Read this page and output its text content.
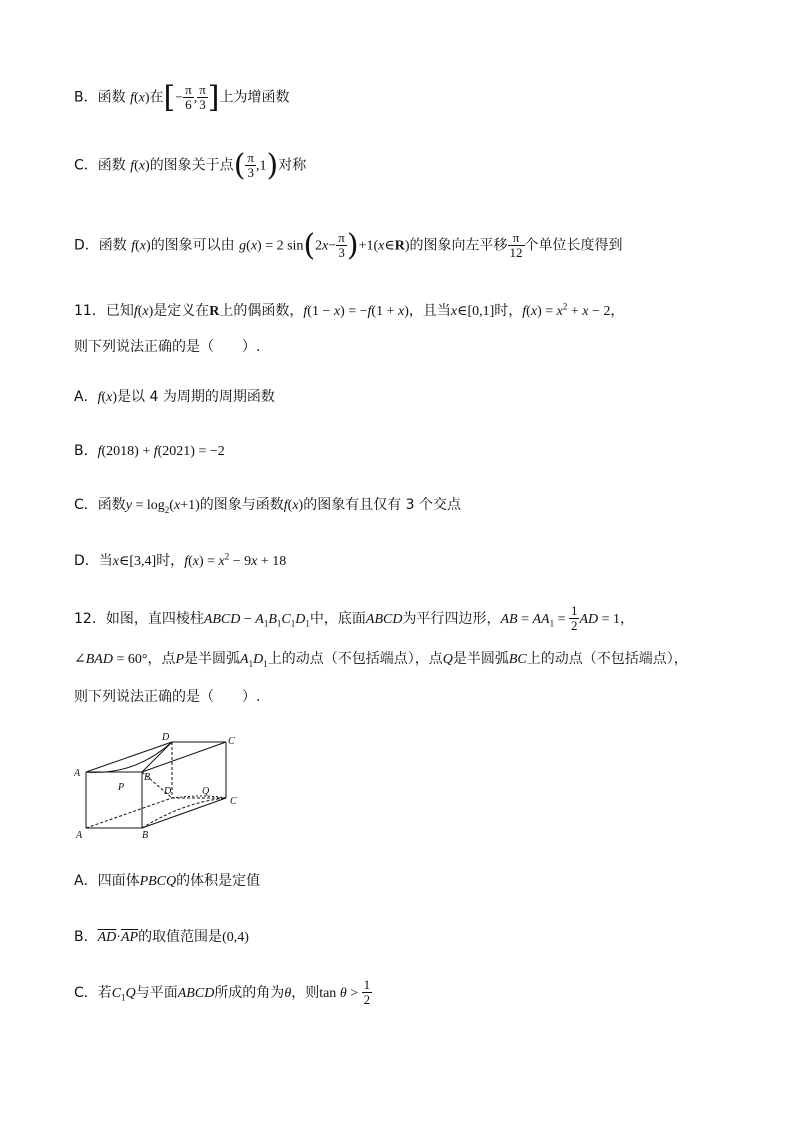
B．函数 f(x)在[− $\frac{\pi}{6}$ , $\frac{\pi}{3}$ ]上为增函数
C．函数 f(x)的图象关于点( $\frac{\pi}{3} ,1$)对称
D．函数 f(x)的图象可以由 g(x) = 2 $\sin(2x- \frac{\pi}{3}$ )+1(x∈R)的图象向左平移 $\frac{\pi}{12}$ 个单位长度得到
11．已知f(x)是定义在R上的偶函数，f(1 − x) = −f(1 + x)，且当x∈[0,1]时，$f(x) = x^2 + x - 2$，
则下列说法正确的是（　　）.
A．f(x)是以 4 为周期的周期函数
B．f(2018) + f(2021) = −2
C．函数$y = \log_2(x+1)$的图象与函数f(x)的图象有且仅有 3 个交点
D．当x∈[3,4]时，$f(x) = x^2 - 9x + 18$
12．如图，直四棱柱ABCD − $A_1B_1C_1D_1$中，底面ABCD为平行四边形，AB = $AA_1 = \frac{1}{2}$ AD = 1，
∠BAD = 60°，点P是半圆弧$A_1D_1$上的动点（不包括端点），点Q是半圆弧BC上的动点（不包括端点），
则下列说法正确的是（　　）.
A
A	B
B
C
C
D
D
P	Q
A．四面体PBCQ的体积是定值
B．$\overline{AD}\cdot\overline{AP}$的取值范围是(0,4)
C．若$C_1Q$与平面ABCD所成的角为θ，则$\tan \theta > \frac{1}{2}$
